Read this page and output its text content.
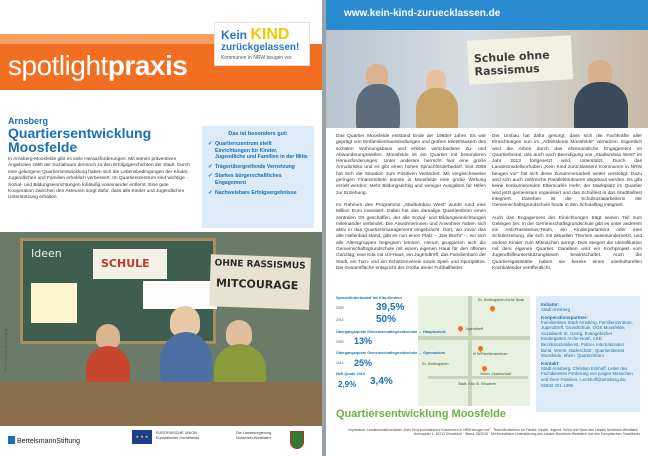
spotlightpraxis
Kein KIND
zurückgelassen!
Kommunen in NRW beugen vor
Arnsberg
Quartiersentwicklung Moosfelde
In Arnsberg-Moosfelde gibt es viele Herausforderungen. Mit seinen präventiven Angeboten zählt der Sozialraum dennoch zu den Erfolgsgeschichten der Stadt. Durch eine gelungene Quartiersentwicklung haben sich die Lebensbedingungen der Kinder, Jugendlichen und Familien erheblich verbessert. Im Quartierszentrum sind wichtige Sozial- und Bildungseinrichtungen fußläufig voneinander entfernt. Eine gute Kooperation zwischen den Akteuren sorgt dafür, dass alle Kinder und Jugendlichen Unterstützung erhalten.
Das ist besonders gut:
✓ Quartierszentrum stellt Einrichtungen für Kinder, Jugendliche und Familien in der Mitte
✓ Trägerübergreifende Vernetzung
✓ Starkes bürgerschaftliches Engagement
✓ Nachweisbare Erfolgsergebnisse
Ideen
SCHULE	OHNE RASSISMUS
MITCOURAGE
Bild: Ela Martin Schwing
BertelsmannStiftung
★ ★ ★
EUROPÄISCHE UNION · Europäischer Sozialfonds
Die Landesregierung Nordrhein-Westfalen
Schule ohne Rassismus
www.kein-kind-zuruecklassen.de

Das Quartier Moosfelde entstand Ende der 1960er Jahre. Es war geprägt von Einfamilienhaussiedlungen und großen Mietshäusern des sozialen Wohnungsbaus und erlebte verschiedene Zu- und Abwanderungswellen. Moosfelde ist ein Quartier mit besonderen Herausforderungen: Unter anderem herrscht hier eine große Armutsrisiko und es gibt einen hohen Sprachförderbedarf. Seit 2008 hat sich die Situation zum Positiven verändert. Mit vergleichsweise geringen Finanzmitteln konnte in Moosfelde eine große Wirkung erzielt werden: Mehr Bildungserfolg und weniger Ausgaben für Hilfen zur Erziehung.

Im Rahmen des Programms „Stadtumbau West“ wurde rund eine Million Euro investiert. Dabei hat das damalige Quartiersbüro einen zentralen Ort geschaffen, der alle Sozial- und Bildungseinrichtungen miteinander verbindet. Die Anwohnerinnen und Anwohner haben sich aktiv in das Quartiersmanagement eingebracht. Dort, wo zuvor das alte Hallenbad stand, gibt es nun einen Platz – „Die Bücht“ –, wo sich alle Altersgruppen begegnen können. Herum gruppieren sich die Gemeinschaftsgrundschule mit einem eigenen Haus für den offenen Ganztag, eine Kita mit U3-Haus, ein Jugendtreff, das Familienbüro der Stadt, ein Turn- und ein Schützenverein sowie Spiel- und Sportplätze. Die Gesamtfläche entspricht der Größe dreier Fußballfelder.

Der Umbau hat dafür gesorgt, dass sich die Fachkräfte aller Einrichtungen nun im „Arbeitskreis Moosfelde“ vernetzen. Eigentlich wird die Arbeit durch das ehrenamtliche Engagement im Quartierbeirat, das auch nach Beendigung von „Stadtumbau West“ im Jahr 2013 fortgesetzt wird, unterstützt. Durch das Landesmodellvorhaben „Kein Kind zurücklassen! Kommunen in NRW beugen vor“ hat sich diese Zusammenarbeit weiter verstetigt. Dazu wird sich auch zahlreiche Parallelstrukturen abgebaut werden. Es gibt keine konkurrierenden Elterncafés mehr; der Marktplatz im Quartier wird jetzt gemeinsam organisiert und das Schulfest in das Stadtteilfest integriert. Daneben ist die Schulsozialarbeiterin der Gemeinschaftsgrundschule heute in den Schulalltag integriert.

Auch das Engagement der Einrichtungen trägt seinen Teil zum Gelingen bei: In der Gemeinschaftsgrundschule gibt es unter anderem ein Anti-Rassismus-Team, ein Kinderparlament oder eine Schülerzeitung, die sich mit aktuellen Themen auseinandersetzt, und andere Kinder zum Mitmachen anregt. Dies steigert die Identifikation mit dem eigenen Quartier. Daneben wird ein Kochprojekt vom Jugendhilfeunterstützungsteam bewirtschaftet. Auch die Quartiersgaststätte haben sie bereits einen interkulturellen Kochkalender veröffentlicht.

Ev. Kindergarten Arche Noah
Jugendtreff
KiTa/Familienzentrum
Ev. Kindergarten
Städt. Kita St. Elisabeth
Verein „Nadeschda“
Sprachförderbedarf bei Kita-Kindern
2009	39,5%
2014	50%
Übergangsquote Gemeinschaftsgrundschule → Hauptschule
2009 13%
Übergangsquote Gemeinschaftsgrundschule → Gymnasium
2014 25%
HzE-Quote 2013
2,9% 3,4%
Quartiersentwicklung Moosfelde
Initiator:
Stadt Arnsberg
Kooperationspartner:
Familienbüro Stadt Arnsberg, Familienzentrum, Jugendtreff, Grundschule, OGS Moosfelde, Sozialwerk St. Georg, Evangelischer Kindergarten Arche-Noah, ASD Bezirkssozialdienst, Polizei, Internationaler Bund, Verein „Nadeschda“, Quartiersbeirat Moosfelde, ehem. Quartiersbüro
Kontakt:
Stadt Arnsberg, Christian Eckhoff, Leiter des Fachdienstes Förderung von jungen Menschen und ihren Familien, c.eckhoff@arnsberg.de, 02932 201-1395
Impressum: Landesmodellvorhaben „Kein Kind zurücklassen! Kommunen in NRW beugen vor“ · Team Ministerium für Familie, Kinder, Jugend, Kultur und Sport des Landes Nordrhein-Westfalen · Horionplatz 1, 40213 Düsseldorf · Stand: 05/2015 · Mit freundlicher Unterstützung des Landes Nordrhein-Westfalen und des Europäischen Sozialfonds
